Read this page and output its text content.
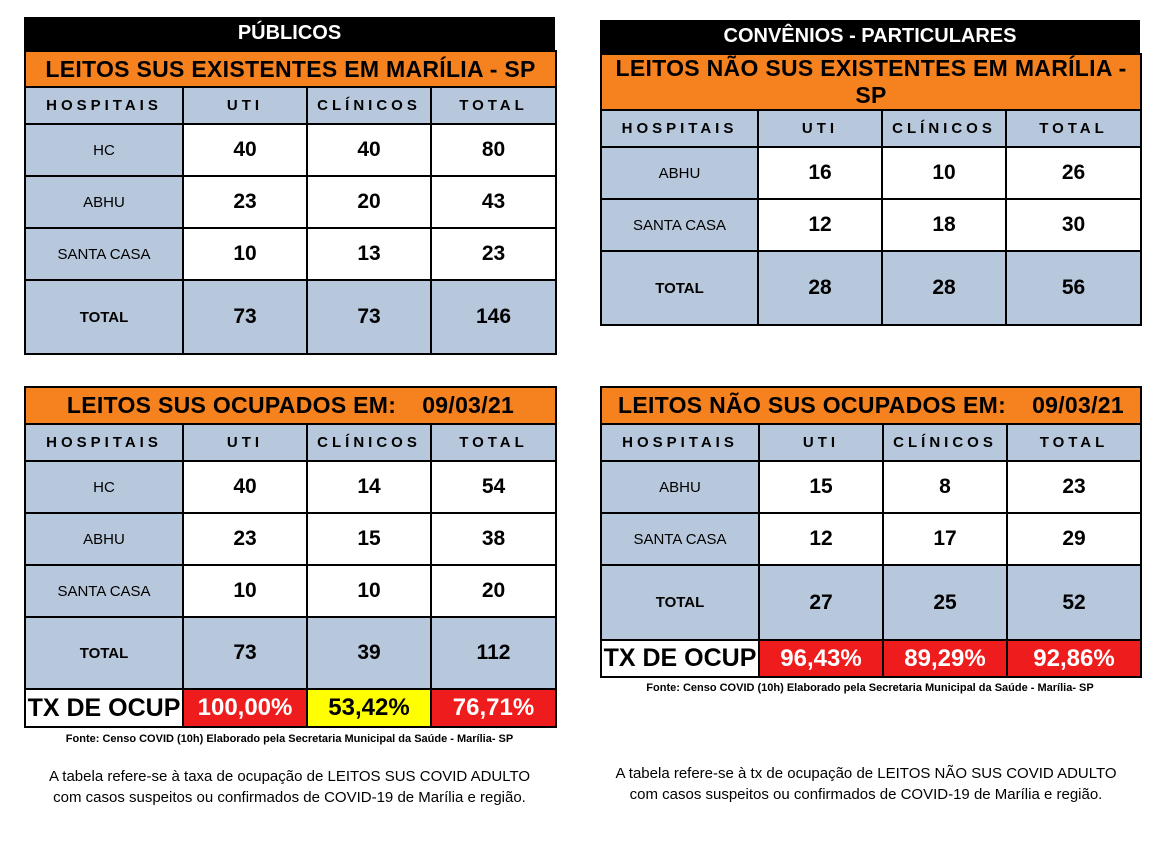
PÚBLICOS
LEITOS SUS EXISTENTES EM MARÍLIA - SP			
HOSPITAIS	UTI	CLÍNICOS	TOTAL
HC	40	40	80
ABHU	23	20	43
SANTA CASA	10	13	23
TOTAL	73	73	146
LEITOS SUS OCUPADOS EM: 09/03/21			
HOSPITAIS	UTI	CLÍNICOS	TOTAL
HC	40	14	54
ABHU	23	15	38
SANTA CASA	10	10	20
TOTAL	73	39	112
TX DE OCUP	100,00%	53,42%	76,71%
Fonte: Censo COVID (10h) Elaborado pela Secretaria Municipal da Saúde - Marília- SP
A tabela refere-se à taxa de ocupação de LEITOS SUS COVID ADULTO
com casos suspeitos ou confirmados de COVID-19 de Marília e região.
CONVÊNIOS - PARTICULARES
LEITOS NÃO SUS EXISTENTES EM MARÍLIA - SP			
HOSPITAIS	UTI	CLÍNICOS	TOTAL
ABHU	16	10	26
SANTA CASA	12	18	30
TOTAL	28	28	56
LEITOS NÃO SUS OCUPADOS EM: 09/03/21			
HOSPITAIS	UTI	CLÍNICOS	TOTAL
ABHU	15	8	23
SANTA CASA	12	17	29
TOTAL	27	25	52
TX DE OCUP	96,43%	89,29%	92,86%
Fonte: Censo COVID (10h) Elaborado pela Secretaria Municipal da Saúde - Marília- SP
A tabela refere-se à tx de ocupação de LEITOS NÃO SUS COVID ADULTO
com casos suspeitos ou confirmados de COVID-19 de Marília e região.
